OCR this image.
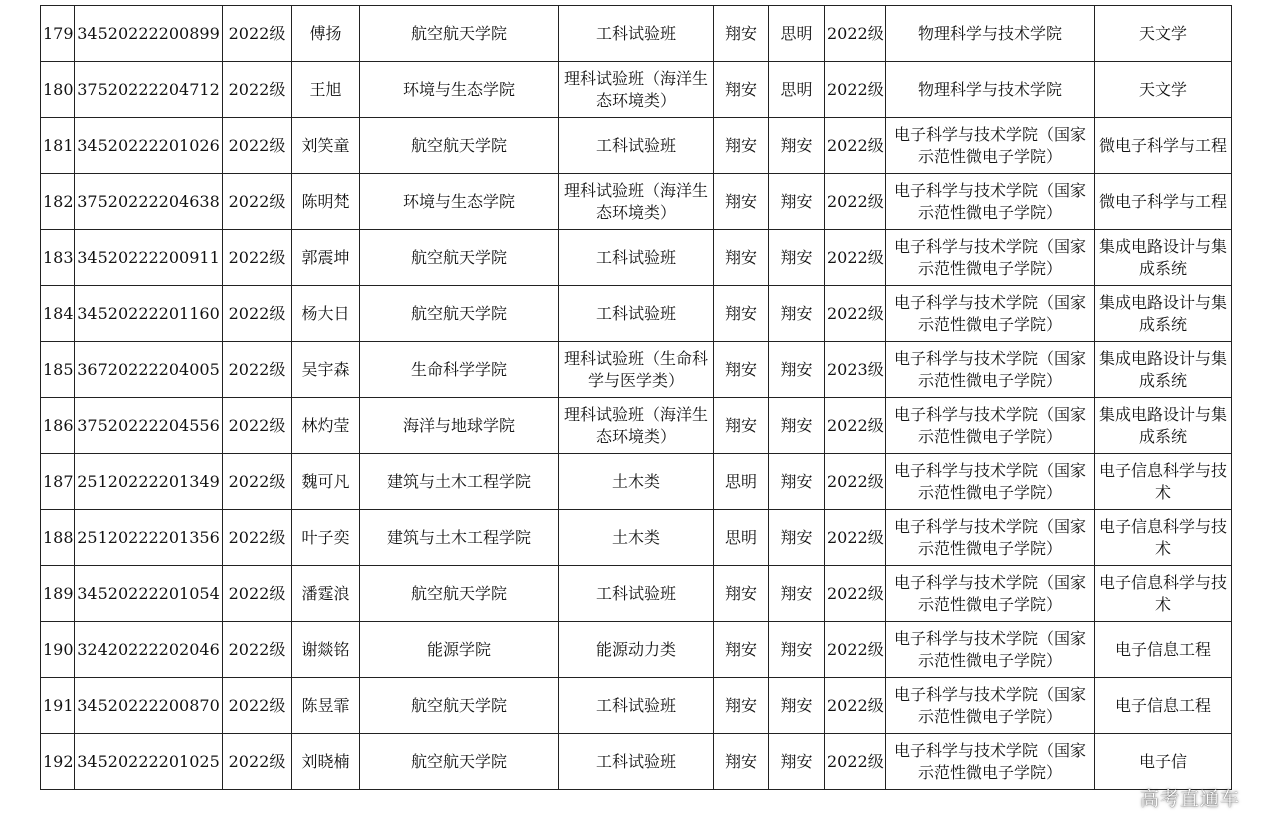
179	34520222200899	2022级	傅扬	航空航天学院	工科试验班	翔安	思明	2022级	物理科学与技术学院	天文学

180	37520222204712	2022级	王旭	环境与生态学院	理科试验班（海洋生态环境类）	翔安	思明	2022级	物理科学与技术学院	天文学

181	34520222201026	2022级	刘笑童	航空航天学院	工科试验班	翔安	翔安	2022级	电子科学与技术学院（国家示范性微电子学院）	微电子科学与工程

182	37520222204638	2022级	陈明梵	环境与生态学院	理科试验班（海洋生态环境类）	翔安	翔安	2022级	电子科学与技术学院（国家示范性微电子学院）	微电子科学与工程

183	34520222200911	2022级	郭震坤	航空航天学院	工科试验班	翔安	翔安	2022级	电子科学与技术学院（国家示范性微电子学院）	集成电路设计与集成系统

184	34520222201160	2022级	杨大日	航空航天学院	工科试验班	翔安	翔安	2022级	电子科学与技术学院（国家示范性微电子学院）	集成电路设计与集成系统

185	36720222204005	2022级	吴宇森	生命科学学院	理科试验班（生命科学与医学类）	翔安	翔安	2023级	电子科学与技术学院（国家示范性微电子学院）	集成电路设计与集成系统

186	37520222204556	2022级	林灼莹	海洋与地球学院	理科试验班（海洋生态环境类）	翔安	翔安	2022级	电子科学与技术学院（国家示范性微电子学院）	集成电路设计与集成系统

187	25120222201349	2022级	魏可凡	建筑与土木工程学院	土木类	思明	翔安	2022级	电子科学与技术学院（国家示范性微电子学院）	电子信息科学与技术

188	25120222201356	2022级	叶子奕	建筑与土木工程学院	土木类	思明	翔安	2022级	电子科学与技术学院（国家示范性微电子学院）	电子信息科学与技术

189	34520222201054	2022级	潘霆浪	航空航天学院	工科试验班	翔安	翔安	2022级	电子科学与技术学院（国家示范性微电子学院）	电子信息科学与技术

190	32420222202046	2022级	谢燚铭	能源学院	能源动力类	翔安	翔安	2022级	电子科学与技术学院（国家示范性微电子学院）	电子信息工程

191	34520222200870	2022级	陈昱霏	航空航天学院	工科试验班	翔安	翔安	2022级	电子科学与技术学院（国家示范性微电子学院）	电子信息工程

192	34520222201025	2022级	刘晓楠	航空航天学院	工科试验班	翔安	翔安	2022级	电子科学与技术学院（国家示范性微电子学院）	电子信
高考直通车
